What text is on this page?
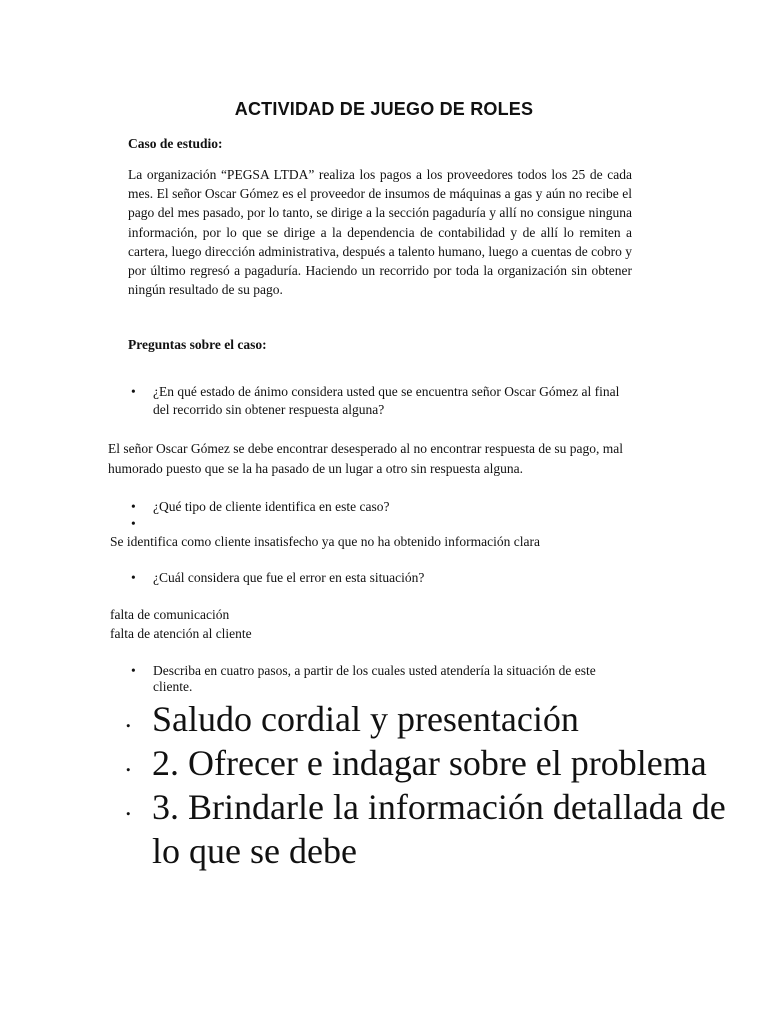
ACTIVIDAD DE JUEGO DE ROLES
Caso de estudio:
La organización “PEGSA LTDA” realiza los pagos a los proveedores todos los 25 de cada mes. El señor Oscar Gómez es el proveedor de insumos de máquinas a gas y aún no recibe el pago del mes pasado, por lo tanto, se dirige a la sección pagaduría y allí no consigue ninguna información, por lo que se dirige a la dependencia de contabilidad y de allí lo remiten a cartera, luego dirección administrativa, después a talento humano, luego a cuentas de cobro y por último regresó a pagaduría. Haciendo un recorrido por toda la organización sin obtener ningún resultado de su pago.
Preguntas sobre el caso:
•	¿En qué estado de ánimo considera usted que se encuentra señor Oscar Gómez al final del recorrido sin obtener respuesta alguna?
El señor Oscar Gómez se debe encontrar desesperado al no encontrar respuesta de su pago, mal humorado puesto que se la ha pasado de un lugar a otro sin respuesta alguna.
•	¿Qué tipo de cliente identifica en este caso?
•
Se identifica como cliente insatisfecho ya que no ha obtenido información clara
•	¿Cuál considera que fue el error en esta situación?
falta de comunicación
falta de atención al cliente
•	Describa en cuatro pasos, a partir de los cuales usted atendería la situación de este cliente.
. Saludo cordial y presentación
. 2. Ofrecer e indagar sobre el problema
. 3. Brindarle la información detallada de lo que se debe
